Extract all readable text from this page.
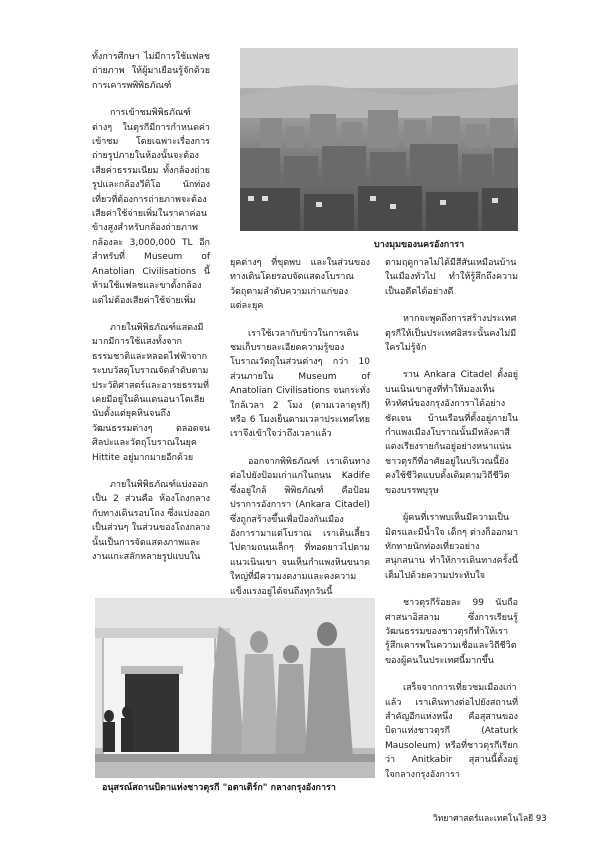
ทั้งการศึกษา ไม่มีการใช้แฟลชถ่ายภาพ ให้ผู้มาเยือนรู้จักด้วยการเคารพพิพิธภัณฑ์

การเข้าชมพิพิธภัณฑ์ต่างๆ ในตุรกีมีการกำหนดค่าเข้าชม โดยเฉพาะเรื่องการถ่ายรูปภายในห้องนั้นจะต้องเสียค่าธรรมเนียม ทั้งกล้องถ่ายรูปและกล้องวีดิโอ นักท่องเที่ยวที่ต้องการถ่ายภาพจะต้องเสียค่าใช้จ่ายเพิ่มในราคาค่อนข้างสูงสำหรับกล้องถ่ายภาพกล้องละ 3,000,000 TL อีก สำหรับที่ Museum of Anatolian Civilisations นี้ห้ามใช้แฟลชและขาตั้งกล้องแต่ไม่ต้องเสียค่าใช้จ่ายเพิ่ม

ภายในพิพิธภัณฑ์แสดงมีมากมีการใช้แสงทั้งจากธรรมชาติและหลอดไฟฟ้าจากระบบวัสดุโบราณจัดลำดับตามประวัติศาสตร์และอารยธรรมที่เคยมีอยู่ในดินแดนอนาโตเลียนับตั้งแต่ยุคหินจนถึงวัฒนธรรมต่างๆ ตลอดจนศิลปะและวัตถุโบราณในยุค Hittite อยู่มากมายอีกด้วย

ภายในพิพิธภัณฑ์แบ่งออกเป็น 2 ส่วนคือ ห้องโถงกลางกับทางเดินรอบโถง ซึ่งแบ่งออกเป็นส่วนๆ ในส่วนของโถงกลางนั้นเป็นการจัดแสดงภาพและงานแกะสลักหลายรูปแบบใน

บางมุมของนครอังการา

ยุคต่างๆ ที่ขุดพบ และในส่วนของทางเดินโดยรอบจัดแสดงโบราณวัตถุตามลำดับความเก่าแก่ของแต่ละยุค

เราใช้เวลากับข้าวในการเดินชมเก็บรายละเอียดความรู้ของโบราณวัตถุในส่วนต่างๆ กว่า 10 ส่วนภายใน Museum of Anatolian Civilisations จนกระทั่งใกล้เวลา 2 โมง (ตามเวลาตุรกี) หรือ 6 โมงเย็นตามเวลาประเทศไทย เราจึงเข้าใจว่าถึงเวลาแล้ว

ออกจากพิพิธภัณฑ์ เราเดินทางต่อไปยังป้อมเก่าแก่ในถนน Kadife ซึ่งอยู่ใกล้ พิพิธภัณฑ์ คือป้อมปราการอังการา (Ankara Citadel) ซึ่งถูกสร้างขึ้นเพื่อป้องกันเมืองอังการามาแต่โบราณ เราเดินเลี้ยวไปตามถนนเล็กๆ ที่ทอดยาวไปตามแนวเนินเขา จนเห็นกำแพงหินขนาดใหญ่ที่มีความงดงามและคงความแข็งแรงอยู่ได้จนถึงทุกวันนี้

ตามฤดูกาลไม่ได้มีสีสันเหมือนบ้านในเมืองทั่วไป ทำให้รู้สึกถึงความเป็นอดีตได้อย่างดี

หากจะพูดถึงการสร้างประเทศตุรกีให้เป็นประเทศอิสระนั้นคงไม่มีใครไม่รู้จัก

ราน Ankara Citadel ตั้งอยู่ บนเนินเขาสูงที่ทำให้มองเห็นทิวทัศน์ของกรุงอังการาได้อย่างชัดเจน บ้านเรือนที่ตั้งอยู่ภายในกำแพงเมืองโบราณนั้นมีหลังคาสีแดงเรียงรายกันอยู่อย่างหนาแน่น ชาวตุรกีที่อาศัยอยู่ในบริเวณนี้ยังคงใช้ชีวิตแบบดั้งเดิมตามวิถีชีวิตของบรรพบุรุษ

ผู้คนที่เราพบเห็นมีความเป็นมิตรและมีน้ำใจ เด็กๆ ต่างก็ออกมาทักทายนักท่องเที่ยวอย่างสนุกสนาน ทำให้การเดินทางครั้งนี้เต็มไปด้วยความประทับใจ

ชาวตุรกีร้อยละ 99 นับถือศาสนาอิสลาม ซึ่งการเรียนรู้วัฒนธรรมของชาวตุรกีทำให้เรารู้สึกเคารพในความเชื่อและวิถีชีวิตของผู้คนในประเทศนี้มากขึ้น

เสร็จจากการเที่ยวชมเมืองเก่าแล้ว เราเดินทางต่อไปยังสถานที่สำคัญอีกแห่งหนึ่ง คือสุสานของบิดาแห่งชาวตุรกี (Ataturk Mausoleum) หรือที่ชาวตุรกีเรียกว่า Anitkabir สุสานนี้ตั้งอยู่ใจกลางกรุงอังการา

อนุสรณ์สถานบิดาแห่งชาวตุรกี "อตาเติร์ก" กลางกรุงอังการา
วิทยาศาสตร์และเทคโนโลยี 93
